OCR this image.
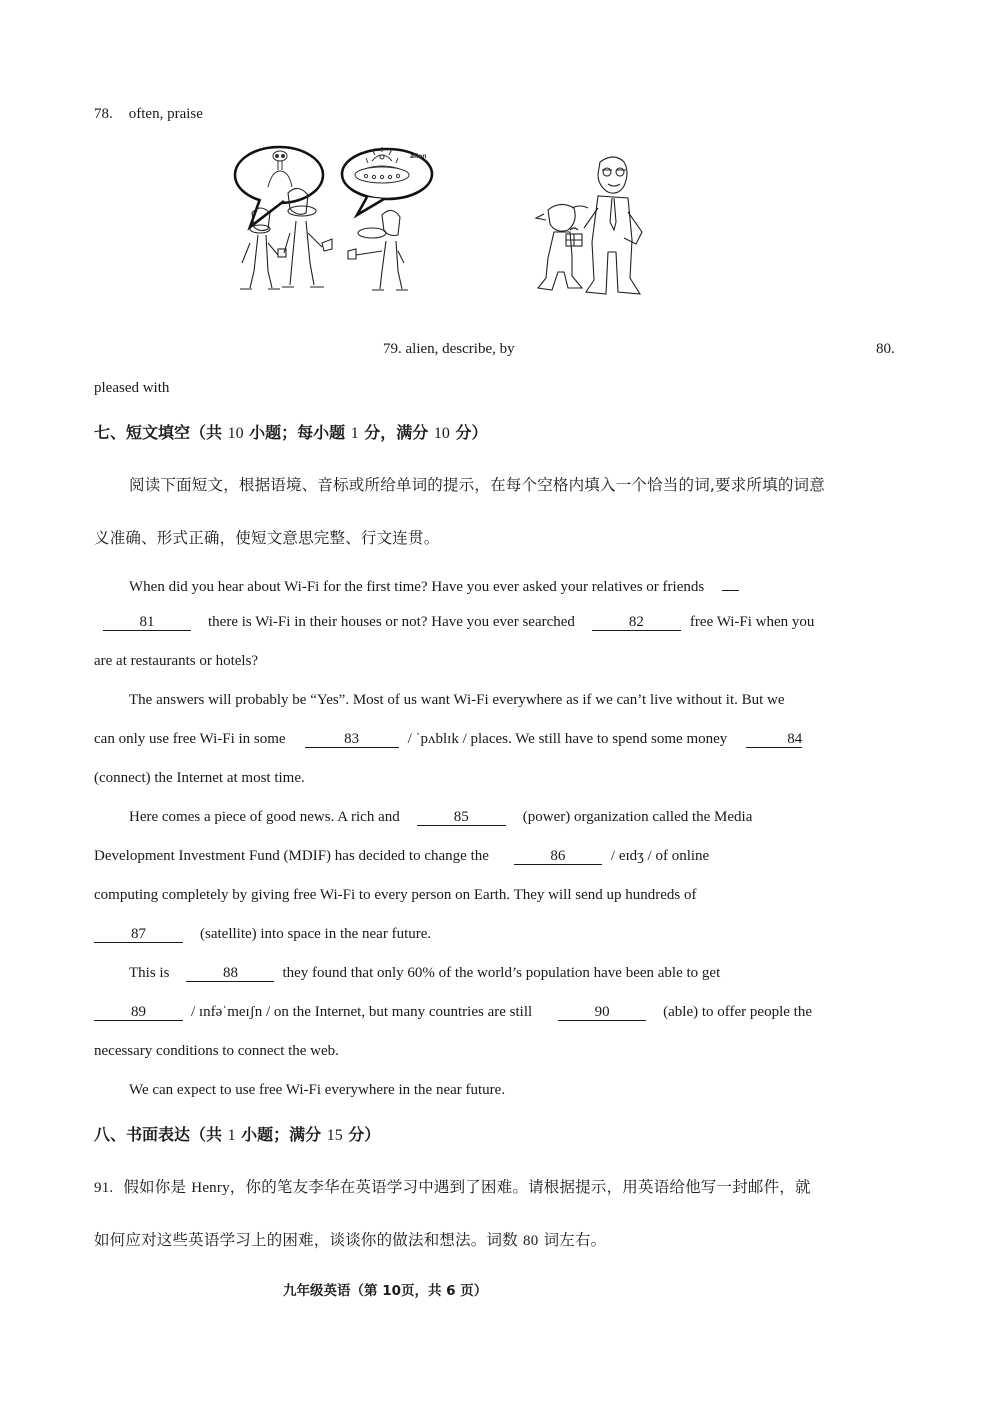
78. often, praise
alien
79. alien, describe, by	80.
pleased with
七、短文填空（共 10 小题；每小题 1 分，满分 10 分）
阅读下面短文，根据语境、音标或所给单词的提示，在每个空格内填入一个恰当的词,要求所填的词意
义准确、形式正确，使短文意思完整、行文连贯。
When did you hear about Wi-Fi for the first time? Have you ever asked your relatives or friends
81	there is Wi-Fi in their houses or not? Have you ever searched	82	free Wi-Fi when you
are at restaurants or hotels?
The answers will probably be “Yes”. Most of us want Wi-Fi everywhere as if we can’t live without it. But we
can only use free Wi-Fi in some	83	/ ˈpʌblɪk / places. We still have to spend some money	84
(connect) the Internet at most time.
Here comes a piece of good news. A rich and	85	(power) organization called the Media
Development Investment Fund (MDIF) has decided to change the	86	/ eɪdʒ / of online
computing completely by giving free Wi-Fi to every person on Earth. They will send up hundreds of
87	(satellite) into space in the near future.
This is	88	they found that only 60% of the world’s population have been able to get
89	/ ɪnfəˈmeɪʃn / on the Internet, but many countries are still	90	(able) to offer people the
necessary conditions to connect the web.
We can expect to use free Wi-Fi everywhere in the near future.
八、书面表达（共 1 小题；满分 15 分）
91. 假如你是 Henry，你的笔友李华在英语学习中遇到了困难。请根据提示，用英语给他写一封邮件，就
如何应对这些英语学习上的困难，谈谈你的做法和想法。词数 80 词左右。
九年级英语（第 10页，共 6 页）
